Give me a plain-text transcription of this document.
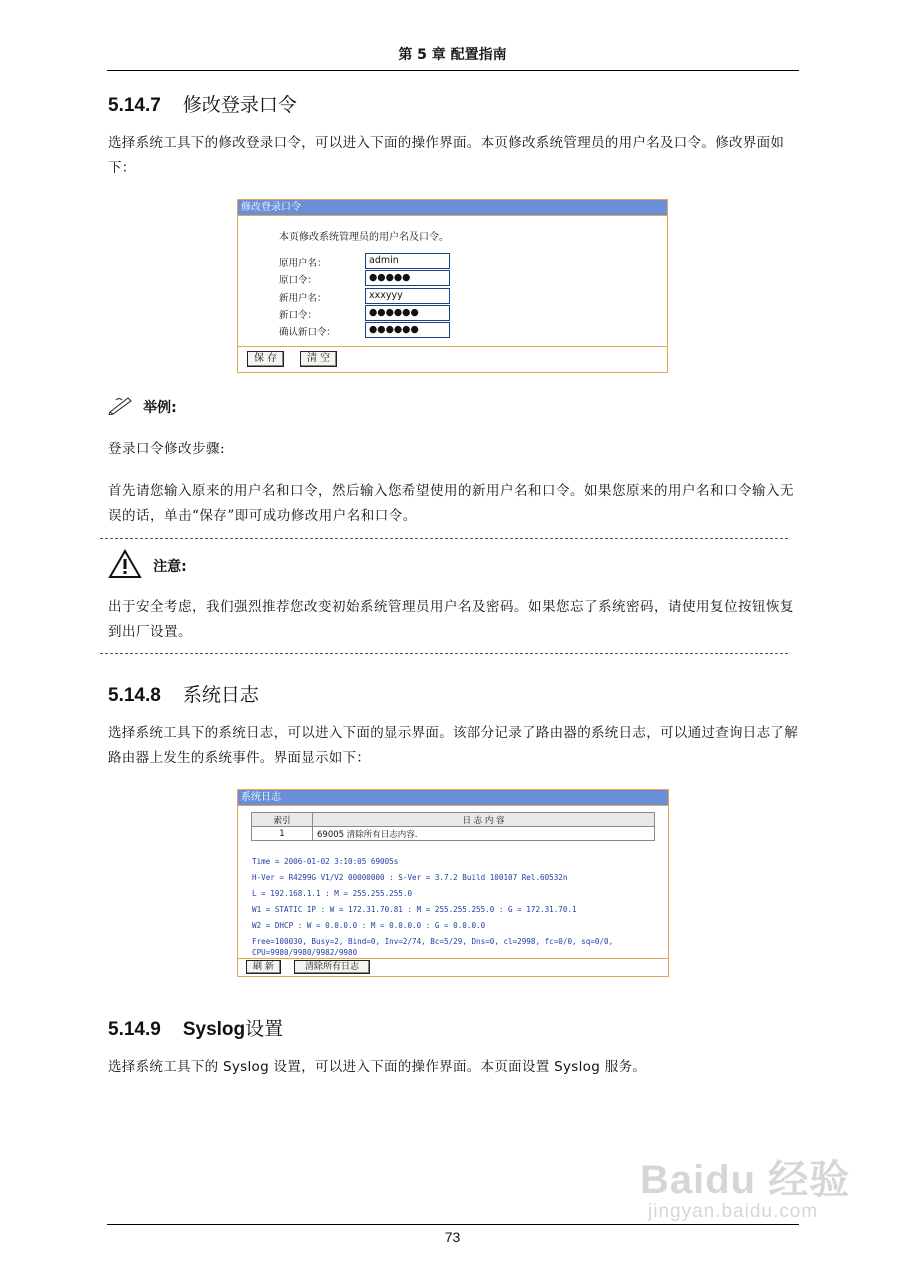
第 5 章 配置指南
5.14.7 修改登录口令
选择系统工具下的修改登录口令，可以进入下面的操作界面。本页修改系统管理员的用户名及口令。修改界面如下：
修改登录口令
本页修改系统管理员的用户名及口令。
原用户名：	admin
原口令：	●●●●●
新用户名：	xxxyyy
新口令：	●●●●●●
确认新口令：	●●●●●●
保 存	清 空
举例:
登录口令修改步骤:
首先请您输入原来的用户名和口令，然后输入您希望使用的新用户名和口令。如果您原来的用户名和口令输入无误的话，单击“保存”即可成功修改用户名和口令。
注意:
出于安全考虑，我们强烈推荐您改变初始系统管理员用户名及密码。如果您忘了系统密码，请使用复位按钮恢复到出厂设置。
5.14.8 系统日志
选择系统工具下的系统日志，可以进入下面的显示界面。该部分记录了路由器的系统日志，可以通过查询日志了解路由器上发生的系统事件。界面显示如下：
系统日志
索引	日 志 内 容
1	69005 清除所有日志内容.
Time = 2006-01-02 3:10:05 69005s
H-Ver = R4299G V1/V2 00000000 : S-Ver = 3.7.2 Build 100107 Rel.60532n
L = 192.168.1.1 : M = 255.255.255.0
W1 = STATIC IP : W = 172.31.70.81 : M = 255.255.255.0 : G = 172.31.70.1
W2 = DHCP : W = 0.0.0.0 : M = 0.0.0.0 : G = 0.0.0.0
Free=100030, Busy=2, Bind=0, Inv=2/74, Bc=5/29, Dns=0, cl=2998, fc=0/0, sq=0/0,
CPU=9980/9980/9982/9980
刷 新	清除所有日志
5.14.9 Syslog设置
选择系统工具下的 Syslog 设置，可以进入下面的操作界面。本页面设置 Syslog 服务。
Baidu 经验
jingyan.baidu.com
73
